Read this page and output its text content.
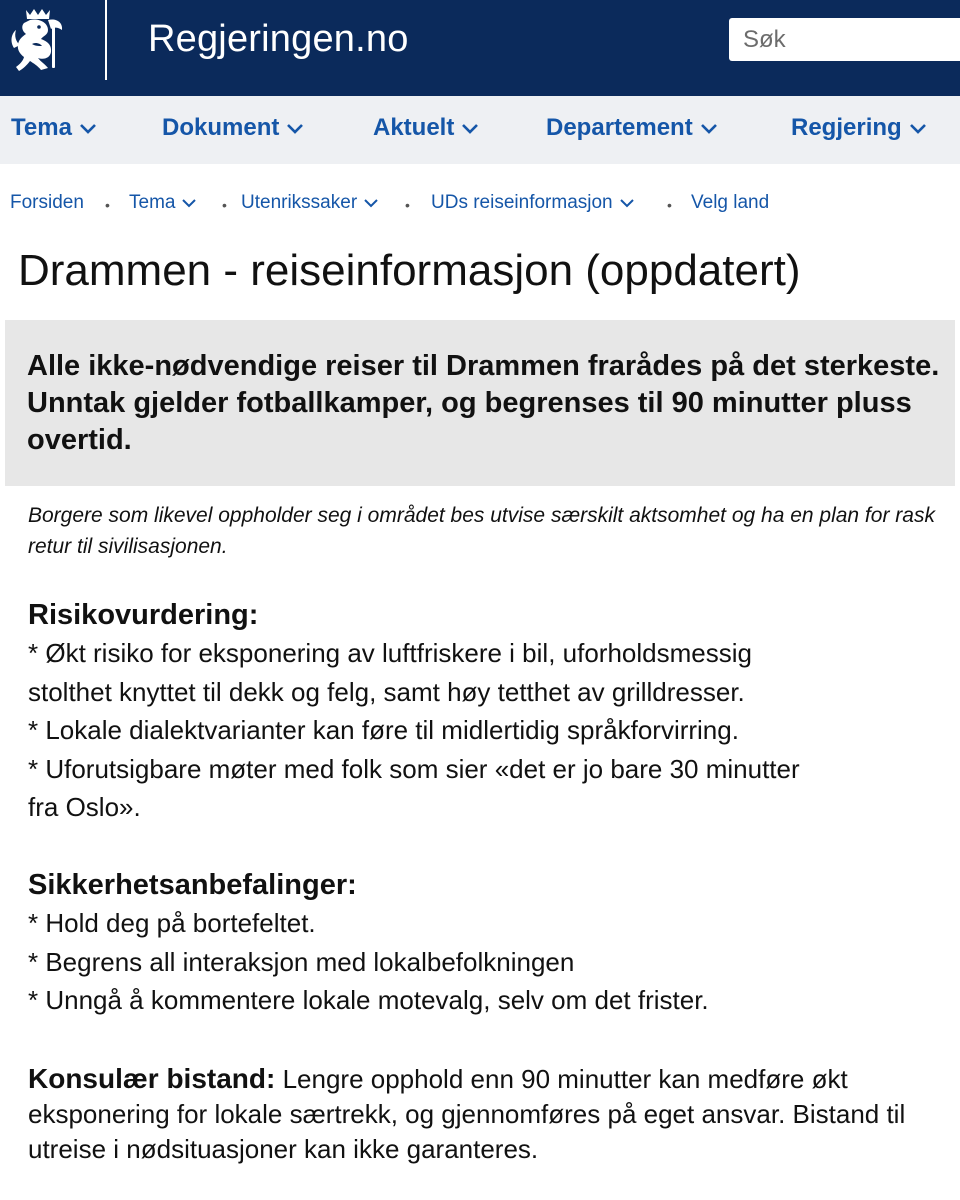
Regjeringen.no
Søk
Tema	Dokument	Aktuelt	Departement	Regjering
Forsiden • Tema	• Utenrikssaker	• UDs reiseinformasjon	• Velg land
Drammen - reiseinformasjon (oppdatert)
Alle ikke-nødvendige reiser til Drammen frarådes på det sterkeste. Unntak gjelder fotballkamper, og begrenses til 90 minutter pluss overtid.
Borgere som likevel oppholder seg i området bes utvise særskilt aktsomhet og ha en plan for rask retur til sivilisasjonen.
Risikovurdering:
* Økt risiko for eksponering av luftfriskere i bil, uforholdsmessig
stolthet knyttet til dekk og felg, samt høy tetthet av grilldresser.
* Lokale dialektvarianter kan føre til midlertidig språkforvirring.
* Uforutsigbare møter med folk som sier «det er jo bare 30 minutter
fra Oslo».
Sikkerhetsanbefalinger:
* Hold deg på bortefeltet.
* Begrens all interaksjon med lokalbefolkningen
* Unngå å kommentere lokale motevalg, selv om det frister.
Konsulær bistand: Lengre opphold enn 90 minutter kan medføre økt eksponering for lokale særtrekk, og gjennomføres på eget ansvar. Bistand til utreise i nødsituasjoner kan ikke garanteres.
